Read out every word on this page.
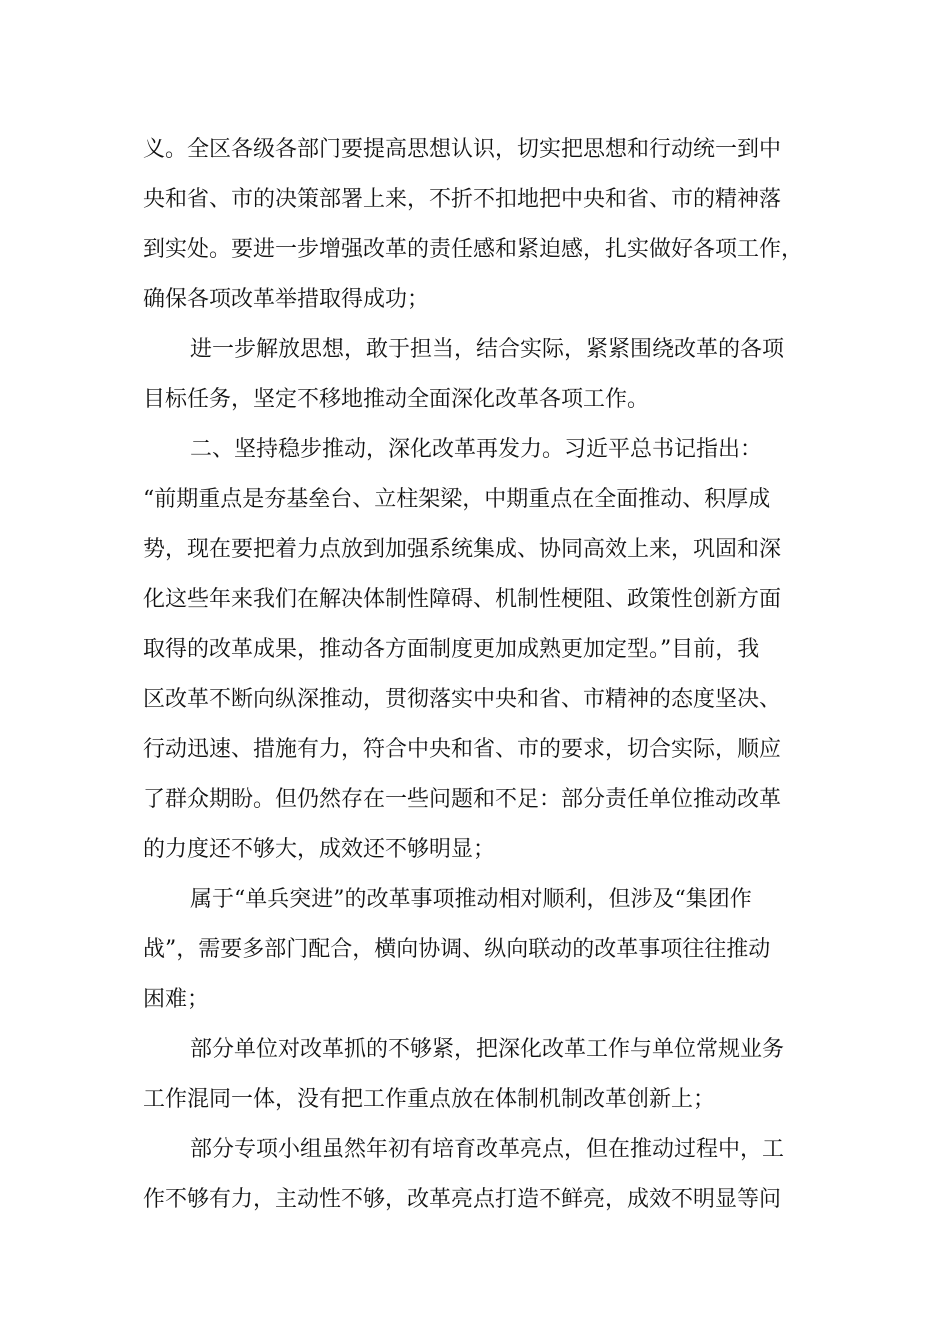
义。全区各级各部门要提高思想认识，切实把思想和行动统一到中
央和省、市的决策部署上来，不折不扣地把中央和省、市的精神落
到实处。要进一步增强改革的责任感和紧迫感，扎实做好各项工作，
确保各项改革举措取得成功；
进一步解放思想，敢于担当，结合实际，紧紧围绕改革的各项
目标任务，坚定不移地推动全面深化改革各项工作。
二、坚持稳步推动，深化改革再发力。习近平总书记指出：
“前期重点是夯基垒台、立柱架梁，中期重点在全面推动、积厚成
势，现在要把着力点放到加强系统集成、协同高效上来，巩固和深
化这些年来我们在解决体制性障碍、机制性梗阻、政策性创新方面
取得的改革成果，推动各方面制度更加成熟更加定型。”目前，我
区改革不断向纵深推动，贯彻落实中央和省、市精神的态度坚决、
行动迅速、措施有力，符合中央和省、市的要求，切合实际，顺应
了群众期盼。但仍然存在一些问题和不足：部分责任单位推动改革
的力度还不够大，成效还不够明显；
属于“单兵突进”的改革事项推动相对顺利，但涉及“集团作
战”，需要多部门配合，横向协调、纵向联动的改革事项往往推动
困难；
部分单位对改革抓的不够紧，把深化改革工作与单位常规业务
工作混同一体，没有把工作重点放在体制机制改革创新上；
部分专项小组虽然年初有培育改革亮点，但在推动过程中，工
作不够有力，主动性不够，改革亮点打造不鲜亮，成效不明显等问
